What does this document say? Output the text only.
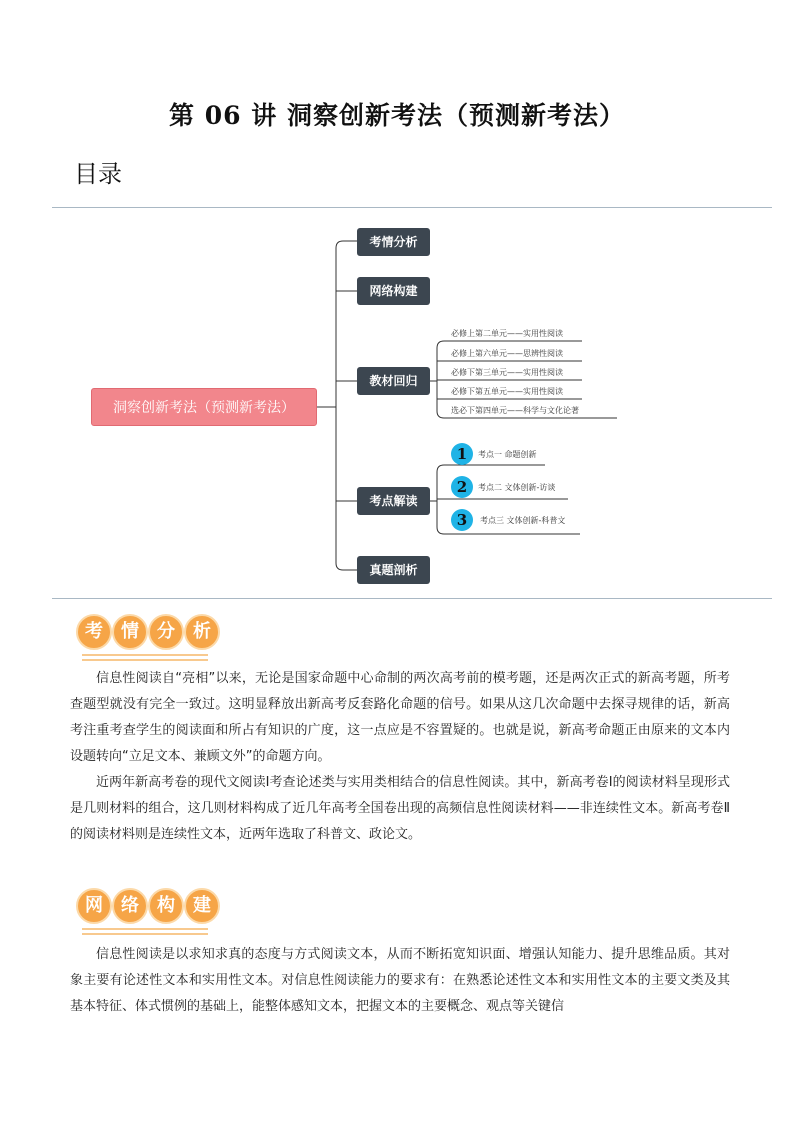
第 06 讲 洞察创新考法（预测新考法）
目录
洞察创新考法（预测新考法）
考情分析
网络构建
教材回归
考点解读
真题剖析
必修上第二单元——实用性阅读
必修上第六单元——思辨性阅读
必修下第三单元——实用性阅读
必修下第五单元——实用性阅读
选必下第四单元——科学与文化论著
1	考点一 命题创新
2	考点二 文体创新-访谈
3	考点三 文体创新-科普文
考	情	分	析
信息性阅读自“亮相”以来，无论是国家命题中心命制的两次高考前的模考题，还是两次正式的新高考题，所考查题型就没有完全一致过。这明显释放出新高考反套路化命题的信号。如果从这几次命题中去探寻规律的话，新高考注重考查学生的阅读面和所占有知识的广度，这一点应是不容置疑的。也就是说，新高考命题正由原来的文本内设题转向“立足文本、兼顾文外”的命题方向。
近两年新高考卷的现代文阅读Ⅰ考查论述类与实用类相结合的信息性阅读。其中，新高考卷Ⅰ的阅读材料呈现形式是几则材料的组合，这几则材料构成了近几年高考全国卷出现的高频信息性阅读材料——非连续性文本。新高考卷Ⅱ的阅读材料则是连续性文本，近两年选取了科普文、政论文。
网	络	构	建
信息性阅读是以求知求真的态度与方式阅读文本，从而不断拓宽知识面、增强认知能力、提升思维品质。其对象主要有论述性文本和实用性文本。对信息性阅读能力的要求有：在熟悉论述性文本和实用性文本的主要文类及其基本特征、体式惯例的基础上，能整体感知文本，把握文本的主要概念、观点等关键信
